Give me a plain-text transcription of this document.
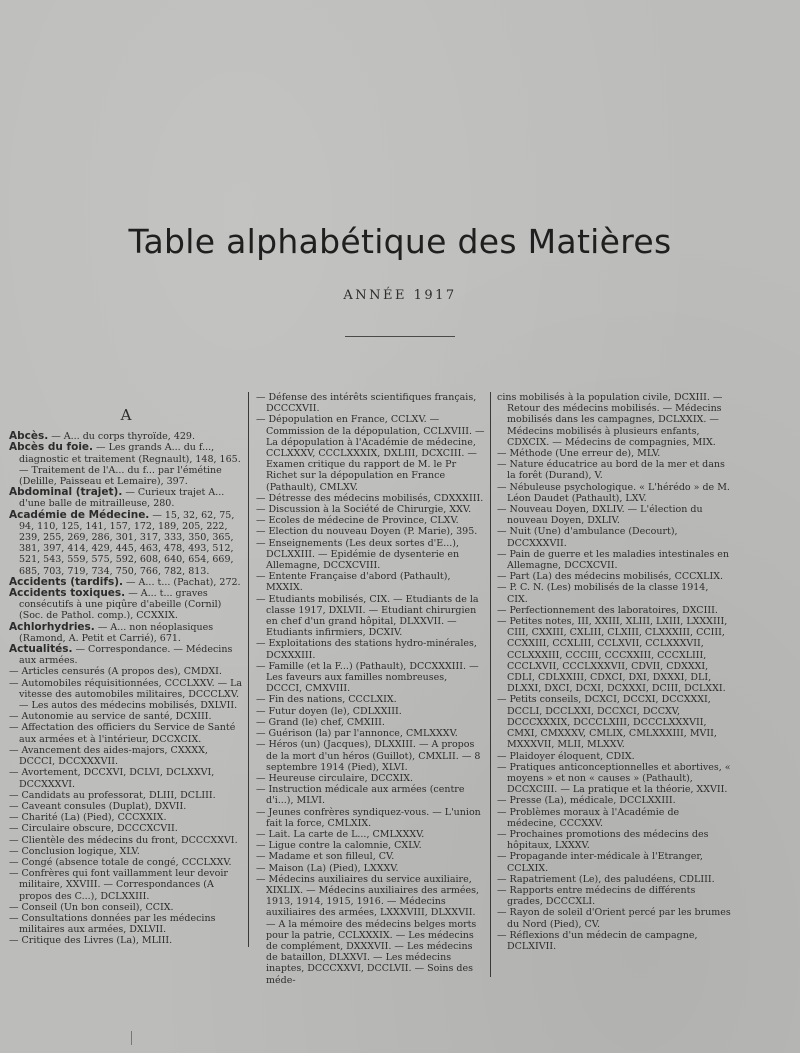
Table alphabétique des Matières
ANNÉE 1917
A

Abcès. — A... du corps thyroïde, 429.

Abcès du foie. — Les grands A... du f..., diagnostic et traitement (Regnault), 148, 165. — Traitement de l'A... du f... par l'émétine (Delille, Paisseau et Lemaire), 397.

Abdominal (trajet). — Curieux trajet A... d'une balle de mitrailleuse, 280.

Académie de Médecine. — 15, 32, 62, 75, 94, 110, 125, 141, 157, 172, 189, 205, 222, 239, 255, 269, 286, 301, 317, 333, 350, 365, 381, 397, 414, 429, 445, 463, 478, 493, 512, 521, 543, 559, 575, 592, 608, 640, 654, 669, 685, 703, 719, 734, 750, 766, 782, 813.

Accidents (tardifs). — A... t... (Pachat), 272.

Accidents toxiques. — A... t... graves consécutifs à une piqûre d'abeille (Cornil) (Soc. de Pathol. comp.), CCXXIX.

Achlorhydries. — A... non néoplasiques (Ramond, A. Petit et Carrié), 671.

Actualités. — Correspondance. — Médecins aux armées.

— Articles censurés (A propos des), CMDXI.

— Automobiles réquisitionnées, CCCLXXV. — La vitesse des automobiles militaires, DCCCLXV. — Les autos des médecins mobilisés, DXLVII.

— Autonomie au service de santé, DCXIII.

— Affectation des officiers du Service de Santé aux armées et à l'intérieur, DCCXCIX.

— Avancement des aides-majors, CXXXX, DCCCI, DCCXXXVII.

— Avortement, DCCXVI, DCLVI, DCLXXVI, DCCXXXVI.

— Candidats au professorat, DLIII, DCLIII.

— Caveant consules (Duplat), DXVII.

— Charité (La) (Pied), CCCXXIX.

— Circulaire obscure, DCCCXCVII.

— Clientèle des médecins du front, DCCCXXVI.

— Conclusion logique, XLV.

— Congé (absence totale de congé, CCCLXXV.

— Confrères qui font vaillamment leur devoir militaire, XXVIII. — Correspondances (A propos des C...), DCLXXIII.

— Conseil (Un bon conseil), CCIX.

— Consultations données par les médecins militaires aux armées, DXLVII.

— Critique des Livres (La), MLIII.

— Défense des intérêts scientifiques français, DCCCXVII.

— Dépopulation en France, CCLXV. — Commission de la dépopulation, CCLXVIII. — La dépopulation à l'Académie de médecine, CCLXXXV, CCCLXXXIX, DXLIII, DCXCIII. — Examen critique du rapport de M. le Pr Richet sur la dépopulation en France (Pathault), CMLXV.

— Détresse des médecins mobilisés, CDXXXIII.

— Discussion à la Société de Chirurgie, XXV.

— Ecoles de médecine de Province, CLXV.

— Election du nouveau Doyen (P. Marie), 395.

— Enseignements (Les deux sortes d'E...), DCLXXIII. — Epidémie de dysenterie en Allemagne, DCCXCVIII.

— Entente Française d'abord (Pathault), MXXIX.

— Etudiants mobilisés, CIX. — Etudiants de la classe 1917, DXLVII. — Etudiant chirurgien en chef d'un grand hôpital, DLXXVII. — Etudiants infirmiers, DCXIV.

— Exploitations des stations hydro-minérales, DCXXXIII.

— Famille (et la F...) (Pathault), DCCXXXIII. — Les faveurs aux familles nombreuses, DCCCI, CMXVIII.

— Fin des nations, CCCLXIX.

— Futur doyen (le), CDLXXIII.

— Grand (le) chef, CMXIII.

— Guérison (la) par l'annonce, CMLXXXV.

— Héros (un) (Jacques), DLXXIII. — A propos de la mort d'un héros (Guillot), CMXLII. — 8 septembre 1914 (Pied), XLVI.

— Heureuse circulaire, DCCXIX.

— Instruction médicale aux armées (centre d'i...), MLVI.

— Jeunes confrères syndiquez-vous. — L'union fait la force, CMLXIX.

— Lait. La carte de L..., CMLXXXV.

— Ligue contre la calomnie, CXLV.

— Madame et son filleul, CV.

— Maison (La) (Pied), LXXXV.

— Médecins auxiliaires du service auxiliaire, XIXLIX. — Médecins auxiliaires des armées, 1913, 1914, 1915, 1916. — Médecins auxiliaires des armées, LXXXVIII, DLXXVII. — A la mémoire des médecins belges morts pour la patrie, CCLXXXIX. — Les médecins de complément, DXXXVII. — Les médecins de bataillon, DLXXVI. — Les médecins inaptes, DCCCXXVI, DCCLVII. — Soins des méde-

cins mobilisés à la population civile, DCXIII. — Retour des médecins mobilisés. — Médecins mobilisés dans les campagnes, DCLXXIX. — Médecins mobilisés à plusieurs enfants, CDXCIX. — Médecins de compagnies, MIX.

— Méthode (Une erreur de), MLV.

— Nature éducatrice au bord de la mer et dans la forêt (Durand), V.

— Nébuleuse psychologique. « L'hérédo » de M. Léon Daudet (Pathault), LXV.

— Nouveau Doyen, DXLIV. — L'élection du nouveau Doyen, DXLIV.

— Nuit (Une) d'ambulance (Decourt), DCCXXXVII.

— Pain de guerre et les maladies intestinales en Allemagne, DCCXCVII.

— Part (La) des médecins mobilisés, CCCXLIX.

— P. C. N. (Les) mobilisés de la classe 1914, CIX.

— Perfectionnement des laboratoires, DXCIII.

— Petites notes, III, XXIII, XLIII, LXIII, LXXXIII, CIII, CXXIII, CXLIII, CLXIII, CLXXXIII, CCIII, CCXXIII, CCXLIII, CCLXVII, CCLXXXVII, CCLXXXIII, CCCIII, CCCXXIII, CCCXLIII, CCCLXVII, CCCLXXXVII, CDVII, CDXXXI, CDLI, CDLXXIII, CDXCI, DXI, DXXXI, DLI, DLXXI, DXCI, DCXI, DCXXXI, DCIII, DCLXXI.

— Petits conseils, DCXCI, DCCXI, DCCXXXI, DCCLI, DCCLXXI, DCCXCI, DCCXV, DCCCXXXIX, DCCCLXIII, DCCCLXXXVII, CMXI, CMXXXV, CMLIX, CMLXXXIII, MVII, MXXXVII, MLII, MLXXV.

— Plaidoyer éloquent, CDIX.

— Pratiques anticonceptionnelles et abortives, « moyens » et non « causes » (Pathault), DCCXCIII. — La pratique et la théorie, XXVII.

— Presse (La), médicale, DCCLXXIII.

— Problèmes moraux à l'Académie de médecine, CCCXXV.

— Prochaines promotions des médecins des hôpitaux, LXXXV.

— Propagande inter-médicale à l'Etranger, CCLXIX.

— Rapatriement (Le), des paludéens, CDLIII.

— Rapports entre médecins de différents grades, DCCCXLI.

— Rayon de soleil d'Orient percé par les brumes du Nord (Pied), CV.

— Réflexions d'un médecin de campagne, DCLXIVII.
